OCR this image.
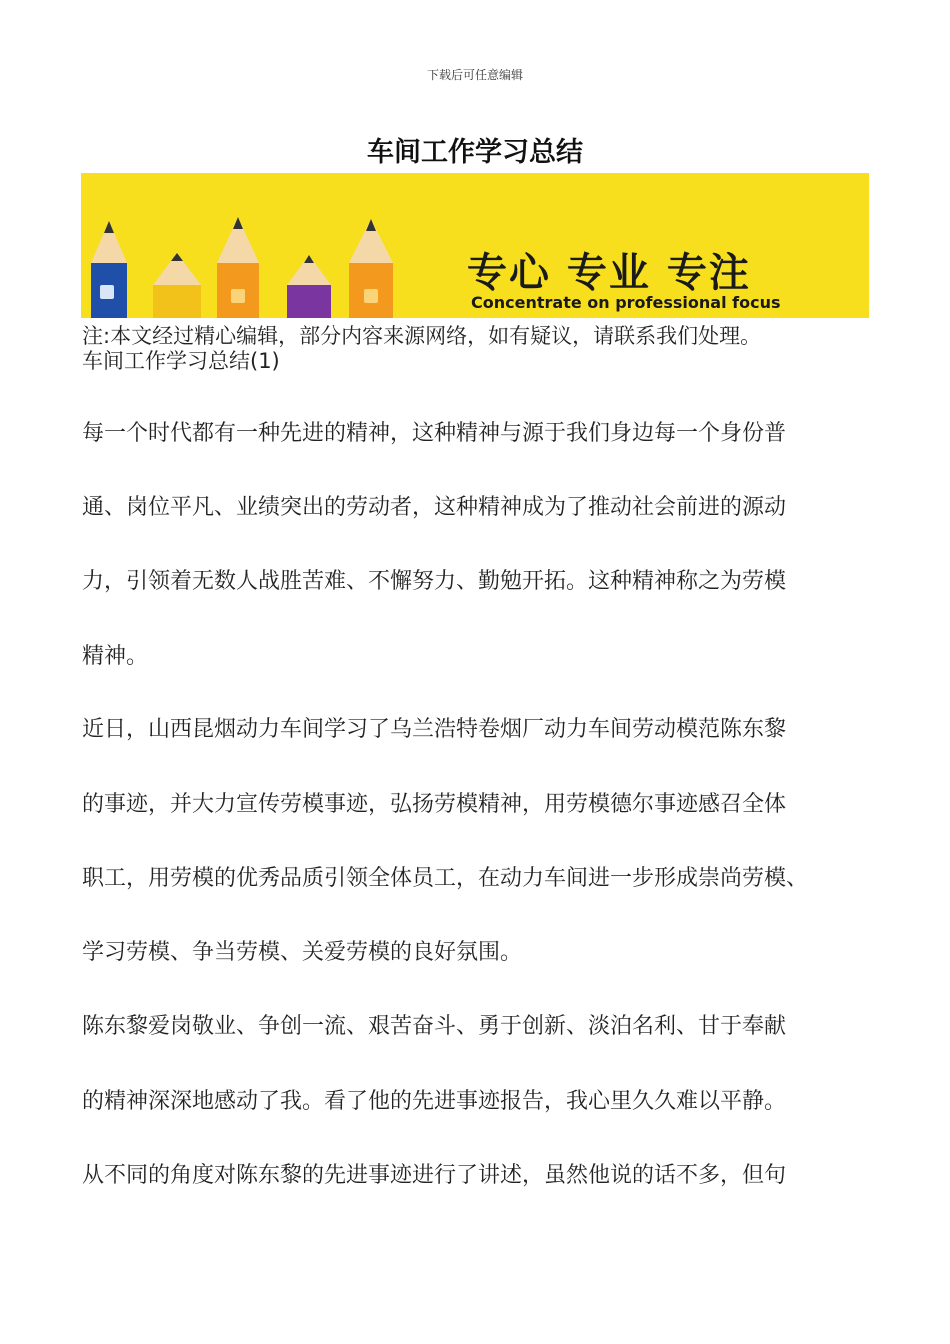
下载后可任意编辑
车间工作学习总结
专心 专业 专注
Concentrate on professional focus

注:本文经过精心编辑，部分内容来源网络，如有疑议，请联系我们处理。

车间工作学习总结(1)

每一个时代都有一种先进的精神，这种精神与源于我们身边每一个身份普

通、岗位平凡、业绩突出的劳动者，这种精神成为了推动社会前进的源动

力，引领着无数人战胜苦难、不懈努力、勤勉开拓。这种精神称之为劳模

精神。

近日，山西昆烟动力车间学习了乌兰浩特卷烟厂动力车间劳动模范陈东黎

的事迹，并大力宣传劳模事迹，弘扬劳模精神，用劳模德尔事迹感召全体

职工，用劳模的优秀品质引领全体员工，在动力车间进一步形成崇尚劳模、

学习劳模、争当劳模、关爱劳模的良好氛围。

陈东黎爱岗敬业、争创一流、艰苦奋斗、勇于创新、淡泊名利、甘于奉献

的精神深深地感动了我。看了他的先进事迹报告，我心里久久难以平静。

从不同的角度对陈东黎的先进事迹进行了讲述，虽然他说的话不多，但句
